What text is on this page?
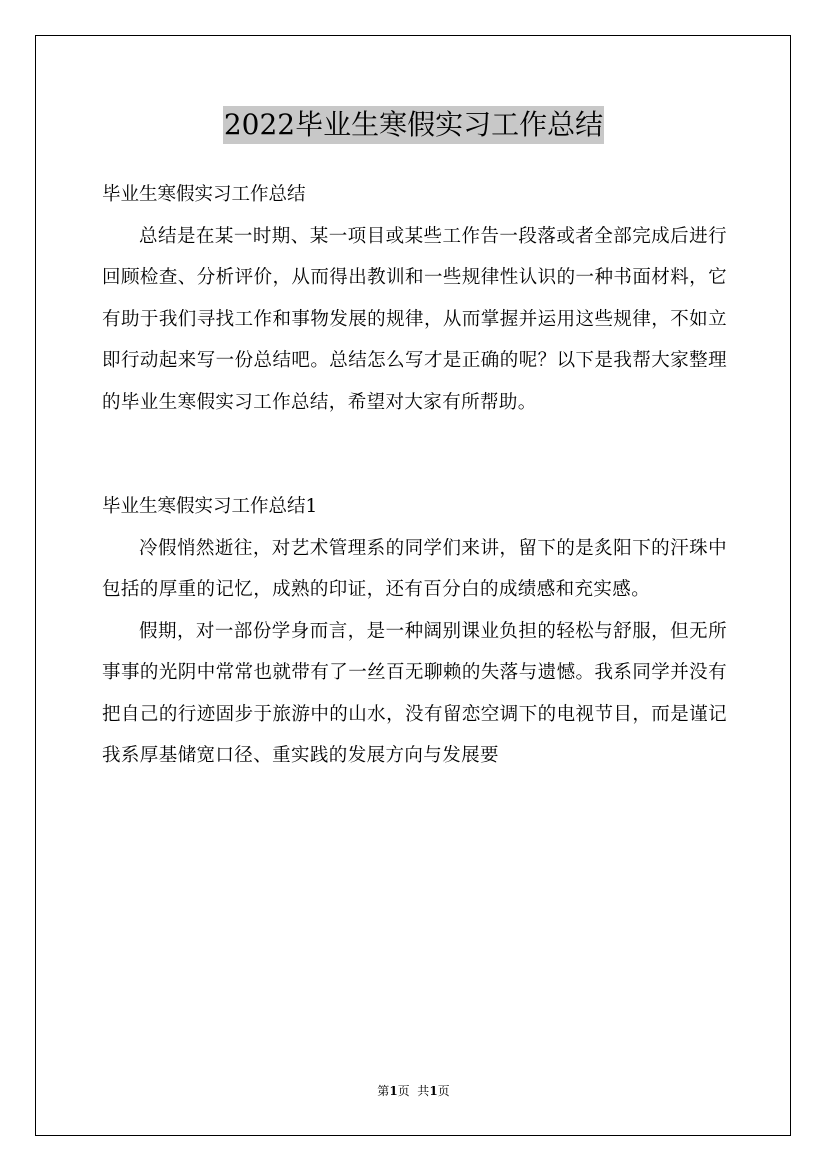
2022毕业生寒假实习工作总结

毕业生寒假实习工作总结

总结是在某一时期、某一项目或某些工作告一段落或者全部完成后进行回顾检查、分析评价，从而得出教训和一些规律性认识的一种书面材料，它有助于我们寻找工作和事物发展的规律，从而掌握并运用这些规律，不如立即行动起来写一份总结吧。总结怎么写才是正确的呢？以下是我帮大家整理的毕业生寒假实习工作总结，希望对大家有所帮助。

毕业生寒假实习工作总结1

冷假悄然逝往，对艺术管理系的同学们来讲，留下的是炙阳下的汗珠中包括的厚重的记忆，成熟的印证，还有百分白的成绩感和充实感。

假期，对一部份学身而言，是一种阔别课业负担的轻松与舒服，但无所事事的光阴中常常也就带有了一丝百无聊赖的失落与遗憾。我系同学并没有把自己的行迹固步于旅游中的山水，没有留恋空调下的电视节目，而是谨记我系厚基储宽口径、重实践的发展方向与发展要

第1页  共1页
